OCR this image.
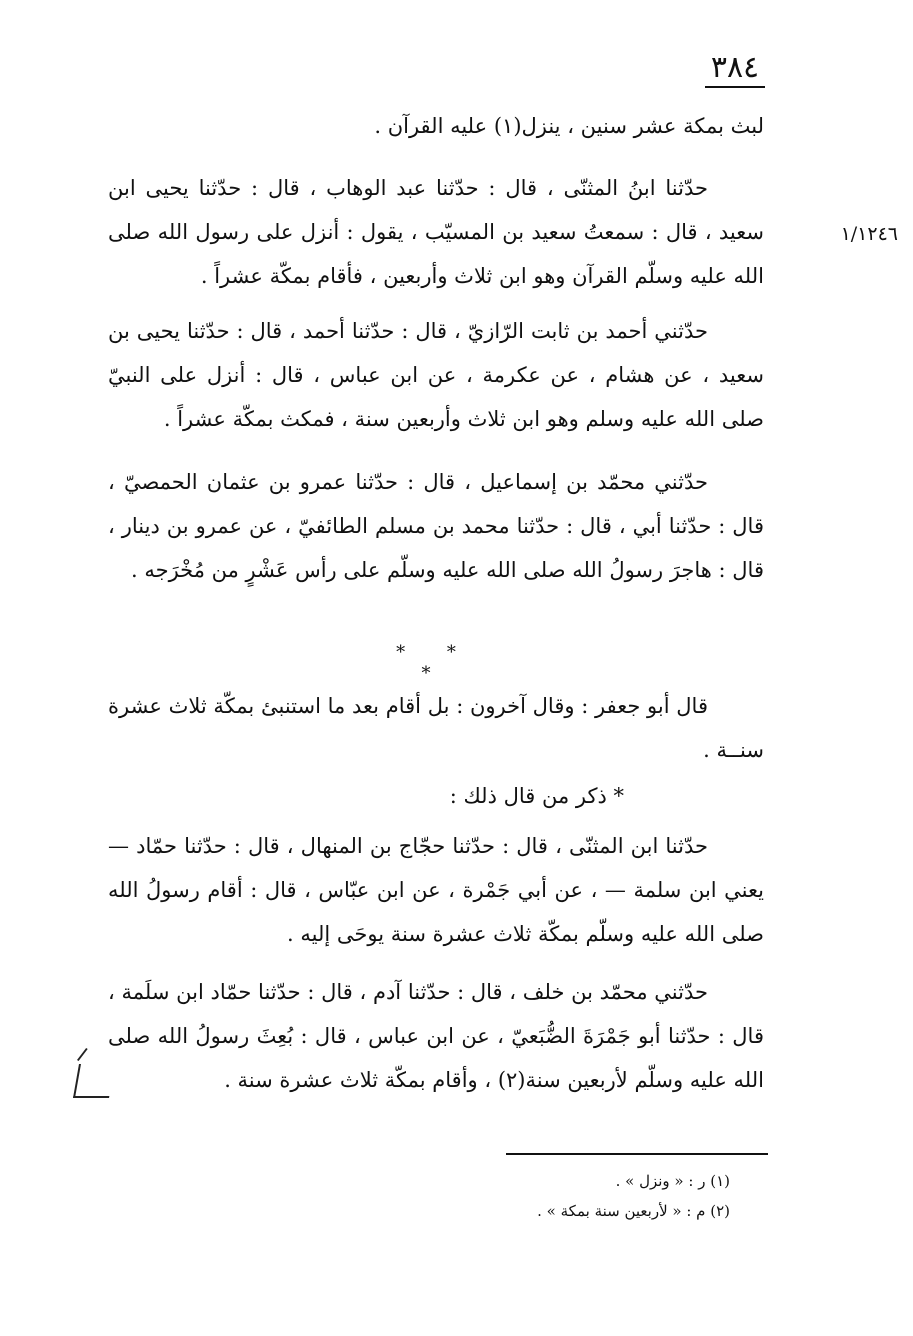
٣٨٤

لبث بمكة عشر سنين ، ينزل(١) عليه القرآن .

حدّثنا ابنُ المثنّى ، قال : حدّثنا عبد الوهاب ، قال : حدّثنا يحيى ابن سعيد ، قال : سمعتُ سعيد بن المسيّب ، يقول : أنزل على رسول الله صلى الله عليه وسلّم القرآن وهو ابن ثلاث وأربعين ، فأقام بمكّة عشراً .

١/١٢٤٦

حدّثني أحمد بن ثابت الرّازيّ ، قال : حدّثنا أحمد ، قال : حدّثنا يحيى بن سعيد ، عن هشام ، عن عكرمة ، عن ابن عباس ، قال : أنزل على النبيّ صلى الله عليه وسلم وهو ابن ثلاث وأربعين سنة ، فمكث بمكّة عشراً .

حدّثني محمّد بن إسماعيل ، قال : حدّثنا عمرو بن عثمان الحمصيّ ، قال : حدّثنا أبي ، قال : حدّثنا محمد بن مسلم الطائفيّ ، عن عمرو بن دينار ، قال : هاجرَ رسولُ الله صلى الله عليه وسلّم على رأس عَشْرٍ من مُخْرَجه .

* * *

قال أبو جعفر : وقال آخرون : بل أقام بعد ما استنبئ بمكّة ثلاث عشرة سنــة .

* ذكر من قال ذلك :

حدّثنا ابن المثنّى ، قال : حدّثنا حجّاج بن المنهال ، قال : حدّثنا حمّاد — يعني ابن سلمة — ، عن أبي جَمْرة ، عن ابن عبّاس ، قال : أقام رسولُ الله صلى الله عليه وسلّم بمكّة ثلاث عشرة سنة يوحَى إليه .

حدّثني محمّد بن خلف ، قال : حدّثنا آدم ، قال : حدّثنا حمّاد ابن سلَمة ، قال : حدّثنا أبو جَمْرَةَ الضُّبَعيّ ، عن ابن عباس ، قال : بُعِثَ رسولُ الله صلى الله عليه وسلّم لأربعين سنة(٢) ، وأقام بمكّة ثلاث عشرة سنة .

(١) ر : « ونزل » .
(٢) م : « لأربعين سنة بمكة » .
